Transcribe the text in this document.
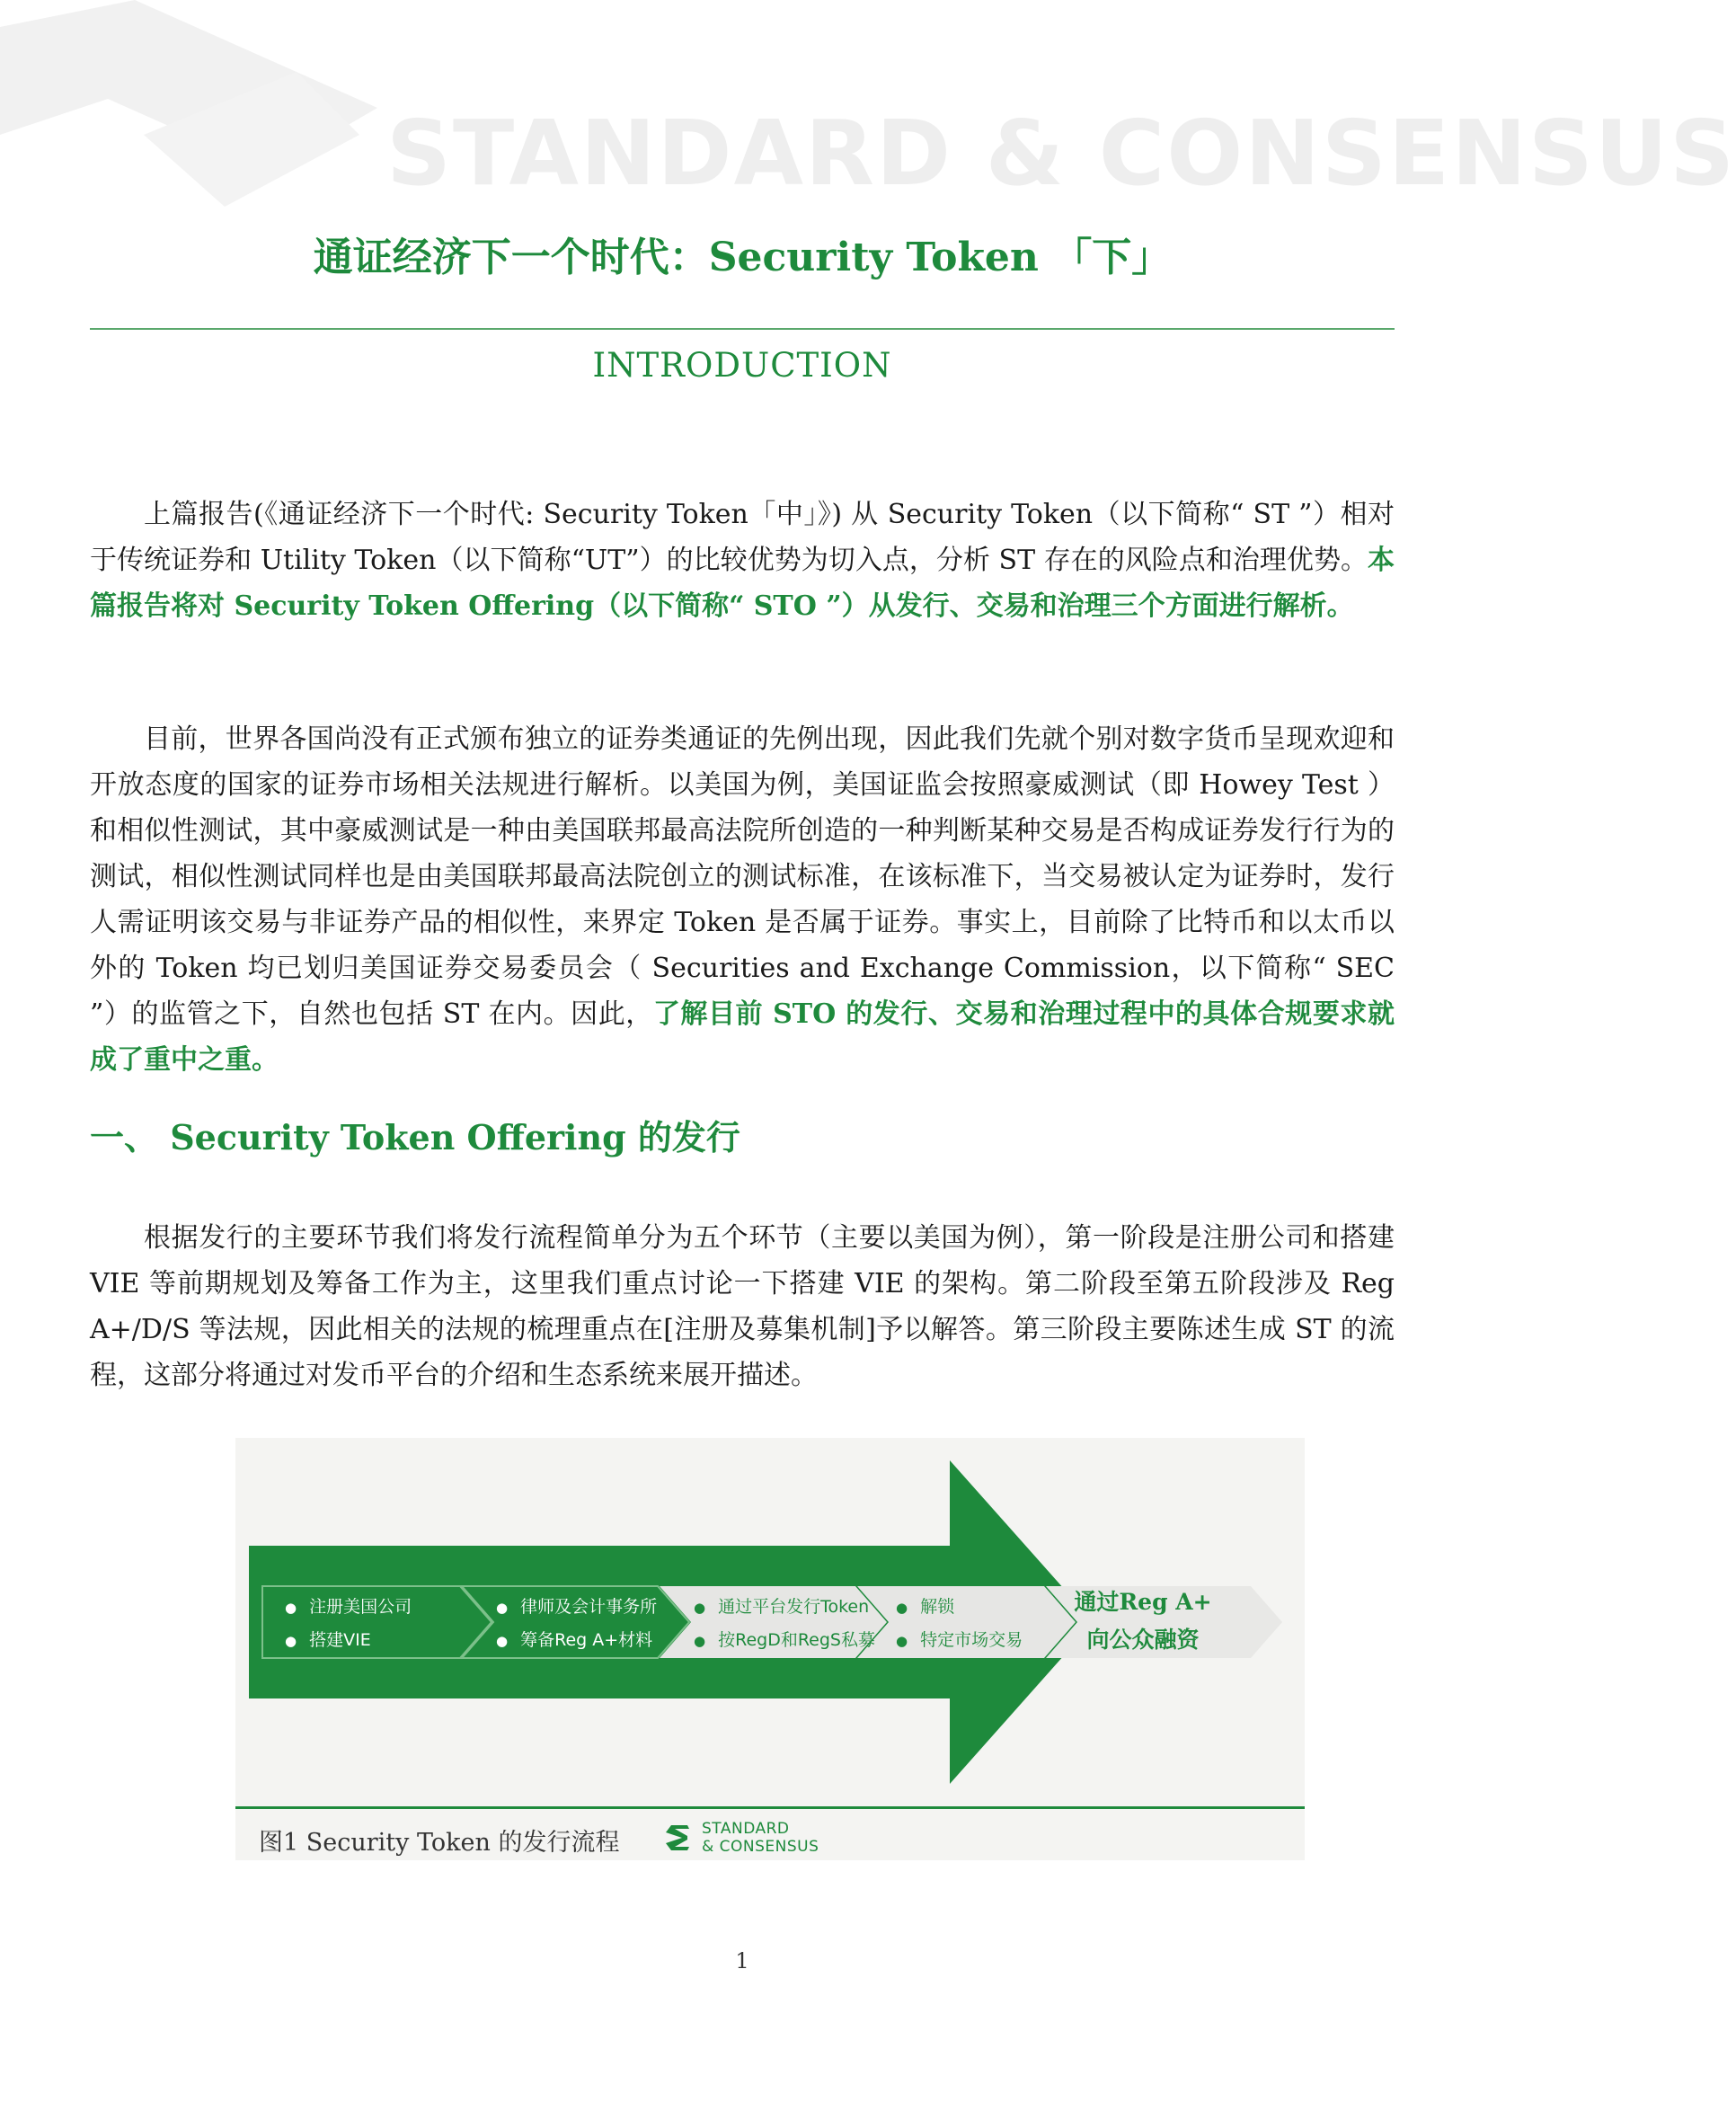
STANDARD & CONSENSUS
通证经济下一个时代：Security Token 「下」
INTRODUCTION

上篇报告(《通证经济下一个时代: Security Token「中」》) 从 Security Token（以下简称“ ST ”）相对于传统证券和 Utility Token（以下简称“UT”）的比较优势为切入点，分析 ST 存在的风险点和治理优势。本篇报告将对 Security Token Offering（以下简称“ STO ”）从发行、交易和治理三个方面进行解析。

目前，世界各国尚没有正式颁布独立的证券类通证的先例出现，因此我们先就个别对数字货币呈现欢迎和开放态度的国家的证券市场相关法规进行解析。以美国为例，美国证监会按照豪威测试（即 Howey Test ）和相似性测试，其中豪威测试是一种由美国联邦最高法院所创造的一种判断某种交易是否构成证券发行行为的测试，相似性测试同样也是由美国联邦最高法院创立的测试标准，在该标准下，当交易被认定为证券时，发行人需证明该交易与非证券产品的相似性，来界定 Token 是否属于证券。事实上，目前除了比特币和以太币以外的 Token 均已划归美国证券交易委员会（ Securities and Exchange Commission，以下简称“ SEC ”）的监管之下，自然也包括 ST 在内。因此，了解目前 STO 的发行、交易和治理过程中的具体合规要求就成了重中之重。

一、 Security Token Offering 的发行

根据发行的主要环节我们将发行流程简单分为五个环节（主要以美国为例），第一阶段是注册公司和搭建 VIE 等前期规划及筹备工作为主，这里我们重点讨论一下搭建 VIE 的架构。第二阶段至第五阶段涉及 Reg A+/D/S 等法规，因此相关的法规的梳理重点在[注册及募集机制]予以解答。第三阶段主要陈述生成 ST 的流程，这部分将通过对发币平台的介绍和生态系统来展开描述。

● 注册美国公司
● 搭建VIE
● 律师及会计事务所
● 筹备Reg A+材料
● 通过平台发行Token
● 按RegD和RegS私募
● 解锁
● 特定市场交易
通过Reg A+
向公众融资
图1 Security Token 的发行流程	STANDARD
& CONSENSUS
1
